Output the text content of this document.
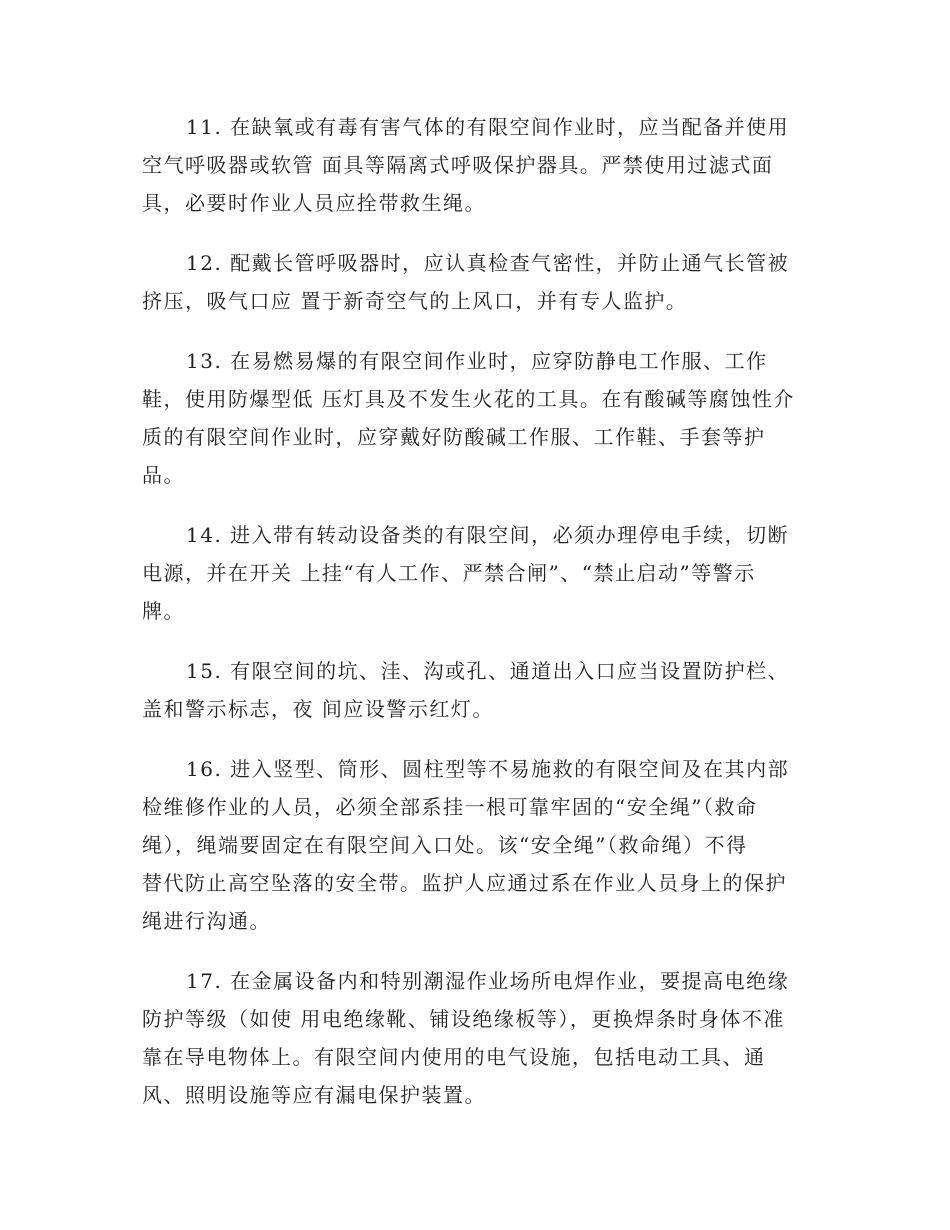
11. 在缺氧或有毒有害气体的有限空间作业时，应当配备并使用
空气呼吸器或软管 面具等隔离式呼吸保护器具。严禁使用过滤式面
具，必要时作业人员应拴带救生绳。

12. 配戴长管呼吸器时，应认真检查气密性，并防止通气长管被
挤压，吸气口应 置于新奇空气的上风口，并有专人监护。

13. 在易燃易爆的有限空间作业时，应穿防静电工作服、工作
鞋，使用防爆型低 压灯具及不发生火花的工具。在有酸碱等腐蚀性介
质的有限空间作业时，应穿戴好防酸碱工作服、工作鞋、手套等护
品。

14. 进入带有转动设备类的有限空间，必须办理停电手续，切断
电源，并在开关 上挂“有人工作、严禁合闸”、“禁止启动”等警示
牌。

15. 有限空间的坑、洼、沟或孔、通道出入口应当设置防护栏、
盖和警示标志，夜 间应设警示红灯。

16. 进入竖型、筒形、圆柱型等不易施救的有限空间及在其内部
检维修作业的人员，必须全部系挂一根可靠牢固的“安全绳”（救命
绳），绳端要固定在有限空间入口处。该“安全绳”（救命绳）不得
替代防止高空坠落的安全带。监护人应通过系在作业人员身上的保护
绳进行沟通。

17. 在金属设备内和特别潮湿作业场所电焊作业，要提高电绝缘
防护等级（如使 用电绝缘靴、铺设绝缘板等），更换焊条时身体不准
靠在导电物体上。有限空间内使用的电气设施，包括电动工具、通
风、照明设施等应有漏电保护装置。
